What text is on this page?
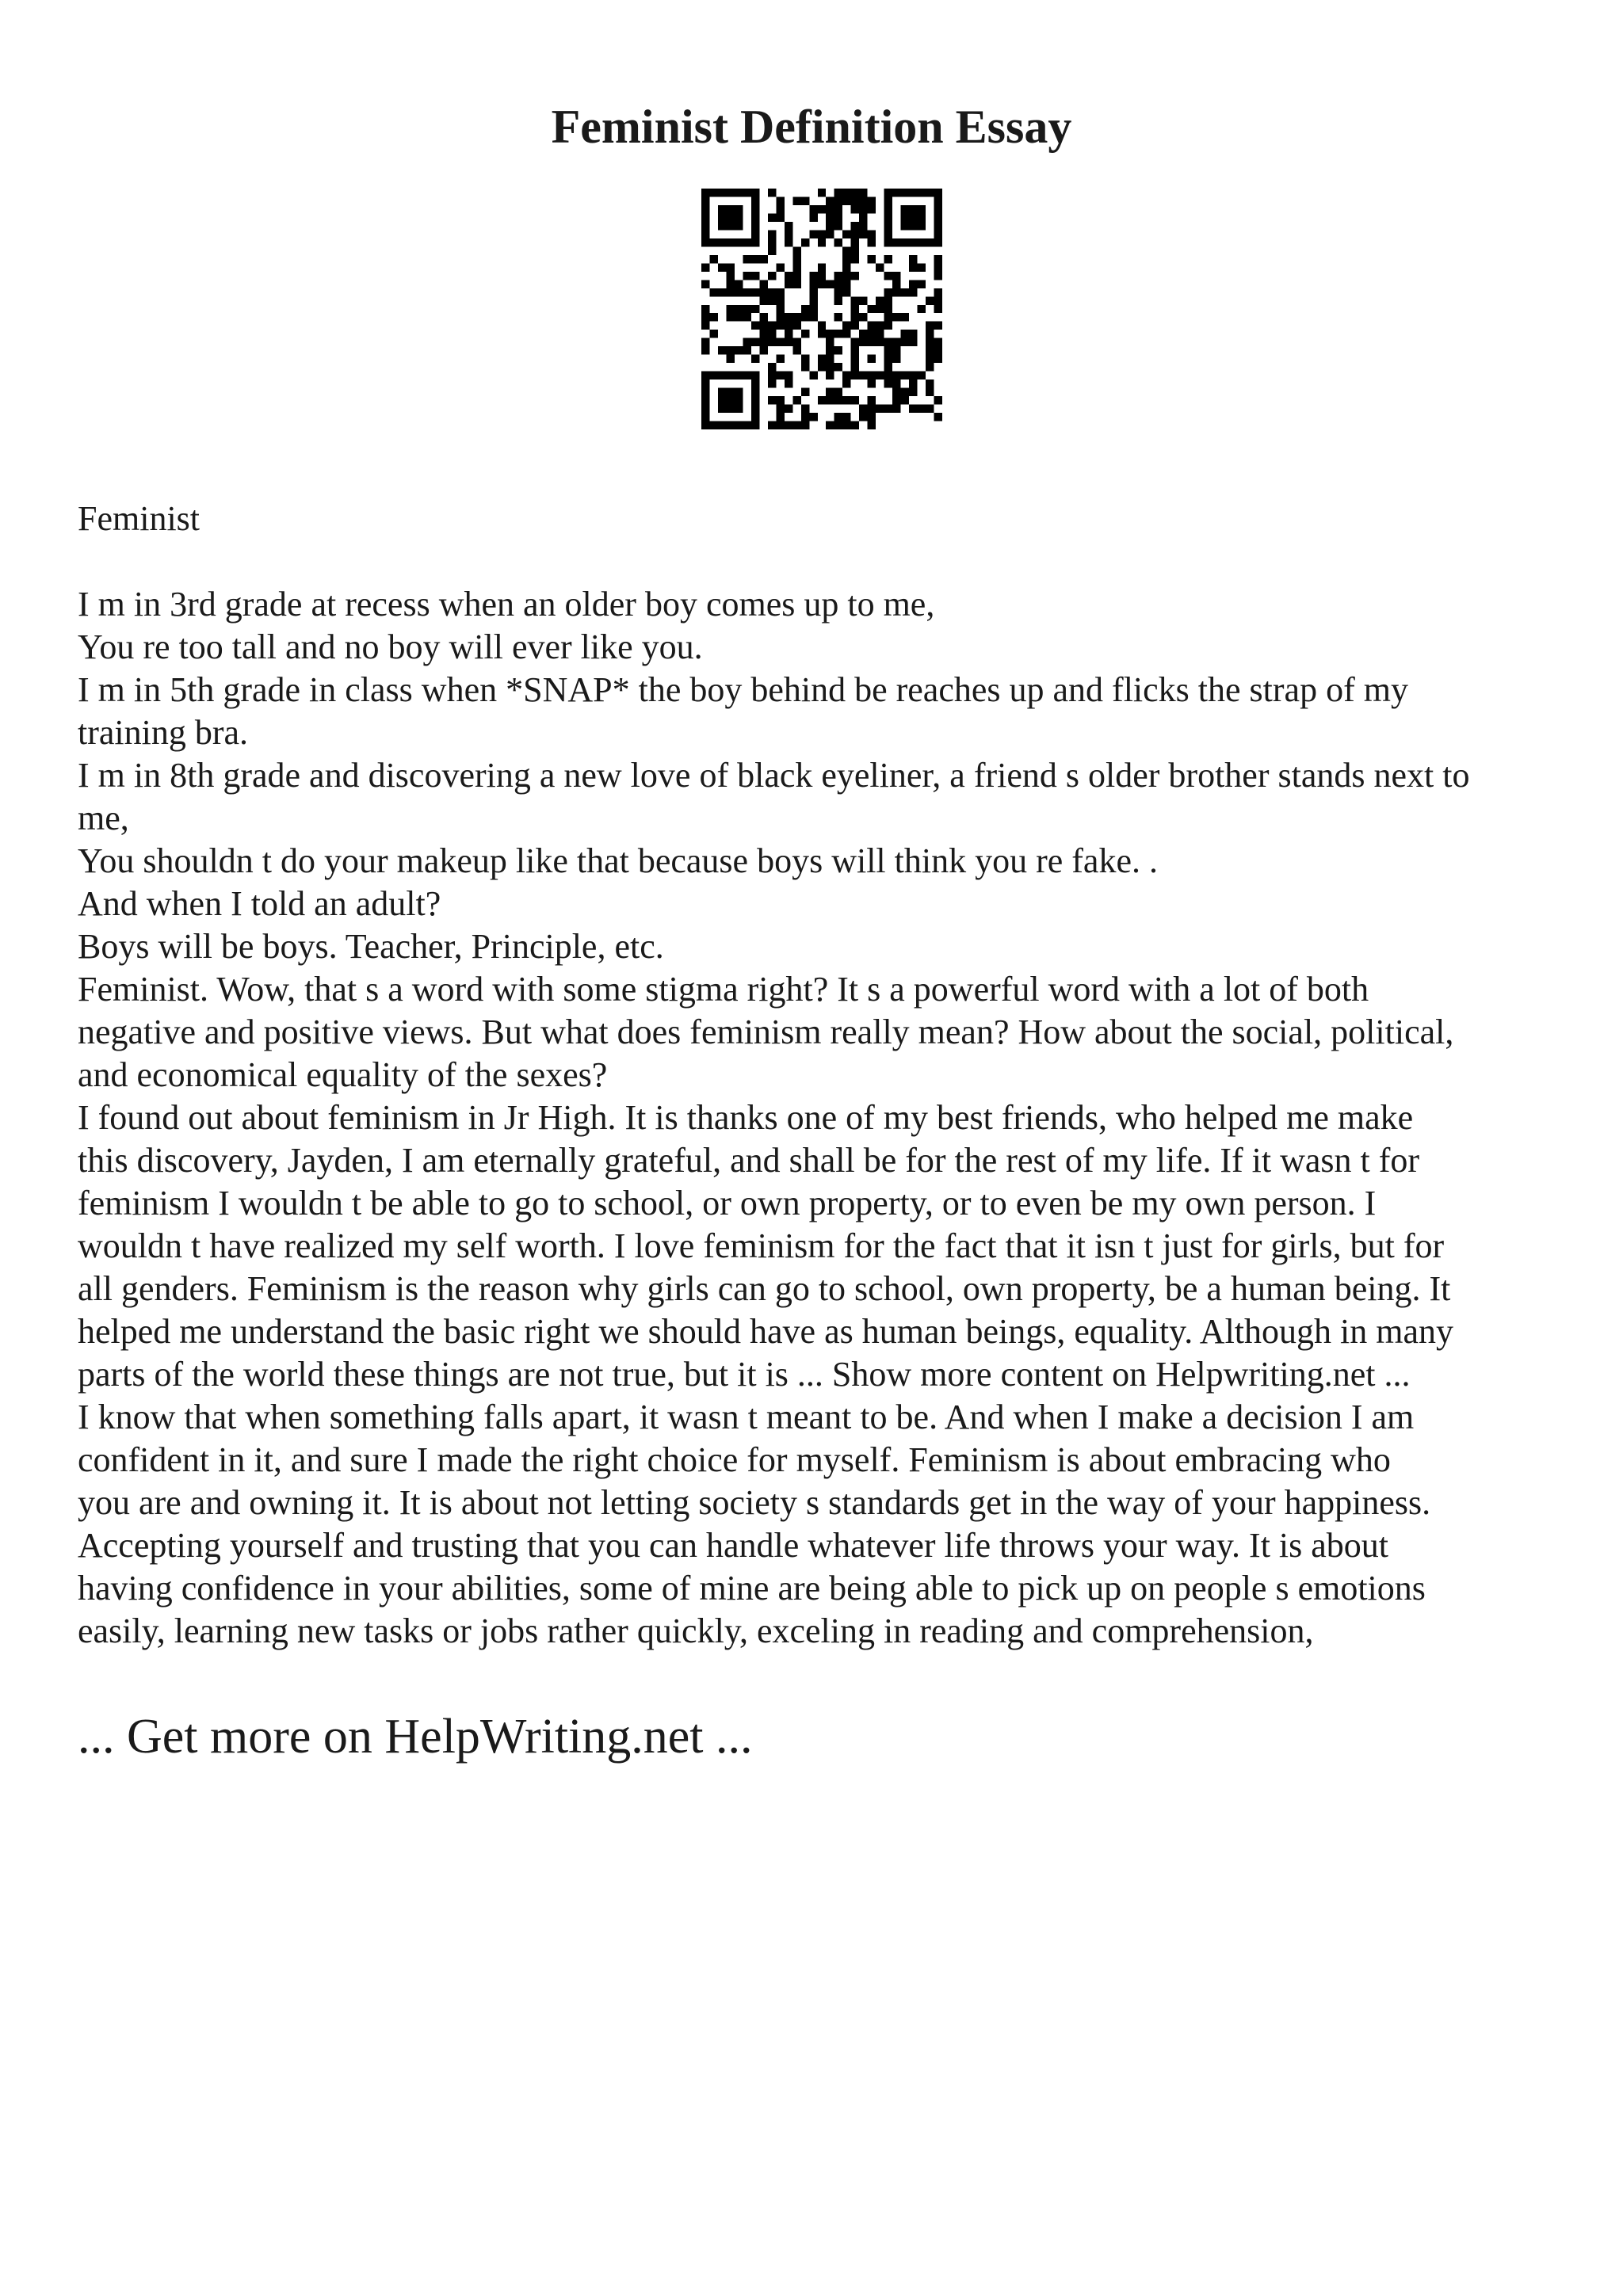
Feminist Definition Essay
Feminist
I m in 3rd grade at recess when an older boy comes up to me,
You re too tall and no boy will ever like you.
I m in 5th grade in class when *SNAP* the boy behind be reaches up and flicks the strap of my
training bra.
I m in 8th grade and discovering a new love of black eyeliner, a friend s older brother stands next to
me,
You shouldn t do your makeup like that because boys will think you re fake. .
And when I told an adult?
Boys will be boys. Teacher, Principle, etc.
Feminist. Wow, that s a word with some stigma right? It s a powerful word with a lot of both
negative and positive views. But what does feminism really mean? How about the social, political,
and economical equality of the sexes?
I found out about feminism in Jr High. It is thanks one of my best friends, who helped me make
this discovery, Jayden, I am eternally grateful, and shall be for the rest of my life. If it wasn t for
feminism I wouldn t be able to go to school, or own property, or to even be my own person. I
wouldn t have realized my self worth. I love feminism for the fact that it isn t just for girls, but for
all genders. Feminism is the reason why girls can go to school, own property, be a human being. It
helped me understand the basic right we should have as human beings, equality. Although in many
parts of the world these things are not true, but it is ... Show more content on Helpwriting.net ...
I know that when something falls apart, it wasn t meant to be. And when I make a decision I am
confident in it, and sure I made the right choice for myself. Feminism is about embracing who
you are and owning it. It is about not letting society s standards get in the way of your happiness.
Accepting yourself and trusting that you can handle whatever life throws your way. It is about
having confidence in your abilities, some of mine are being able to pick up on people s emotions
easily, learning new tasks or jobs rather quickly, exceling in reading and comprehension,
... Get more on HelpWriting.net ...
